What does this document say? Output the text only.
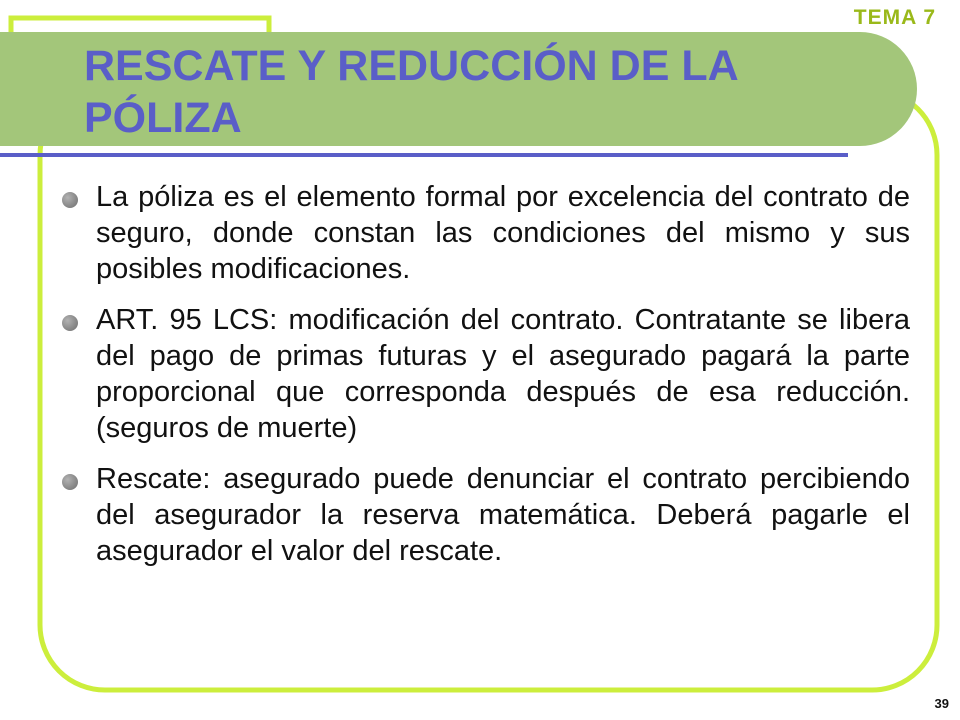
TEMA 7
RESCATE Y REDUCCIÓN DE LA PÓLIZA
La póliza es el elemento formal por excelencia del contrato de seguro, donde constan las condiciones del mismo y sus posibles modificaciones.
ART. 95 LCS: modificación del contrato. Contratante se libera del pago de primas futuras y el asegurado pagará la parte proporcional que corresponda después de esa reducción. (seguros de muerte)
Rescate: asegurado puede denunciar el contrato percibiendo del asegurador la reserva matemática. Deberá pagarle el asegurador el valor del rescate.
39
